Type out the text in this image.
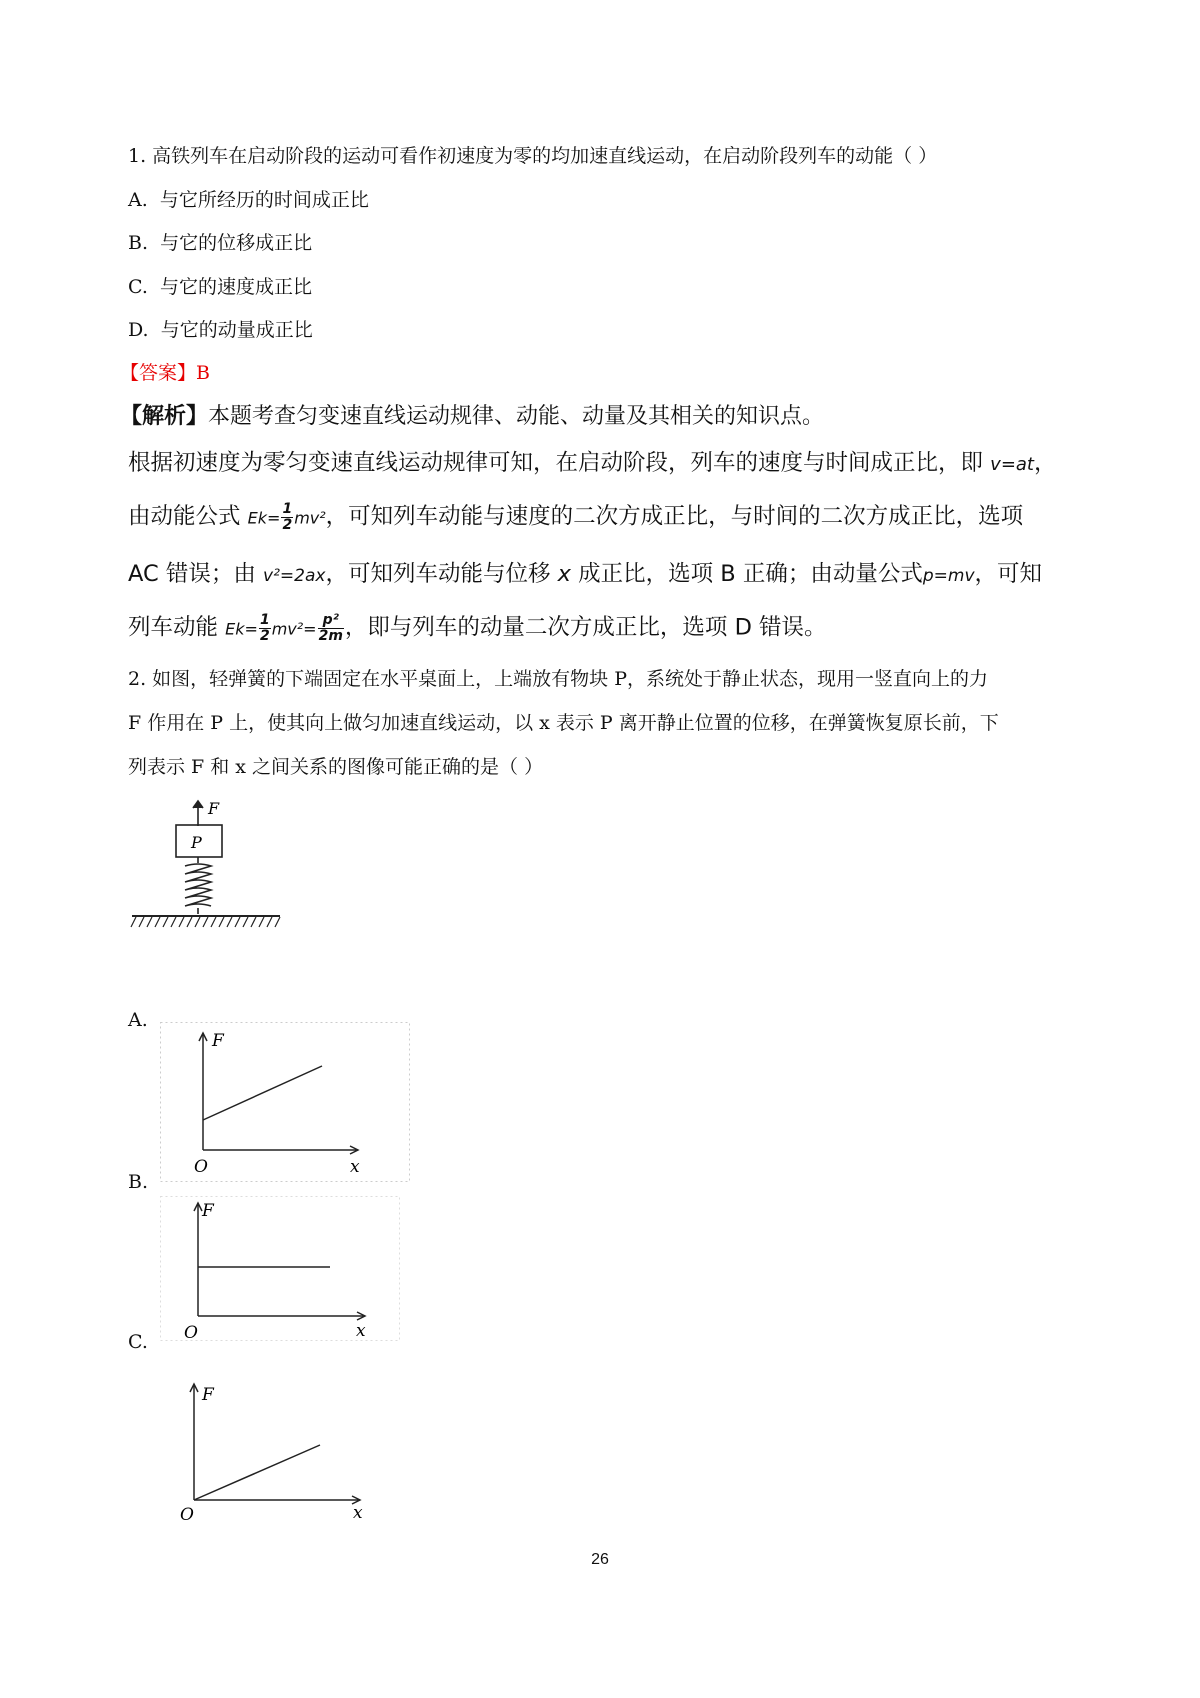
1. 高铁列车在启动阶段的运动可看作初速度为零的均加速直线运动，在启动阶段列车的动能（ ）
A. 与它所经历的时间成正比
B. 与它的位移成正比
C. 与它的速度成正比
D. 与它的动量成正比
【答案】B
【解析】本题考查匀变速直线运动规律、动能、动量及其相关的知识点。
根据初速度为零匀变速直线运动规律可知，在启动阶段，列车的速度与时间成正比，即 v=at，
由动能公式 $Ek= \frac{1}{2} mv^2$，可知列车动能与速度的二次方成正比，与时间的二次方成正比，选项
AC 错误；由 v²=2ax，可知列车动能与位移 x 成正比，选项 B 正确；由动量公式p=mv，可知
列车动能 $Ek= \frac{1}{2} mv^2= \frac{\text{p²}}{2m}$ ，即与列车的动量二次方成正比，选项 D 错误。
2. 如图，轻弹簧的下端固定在水平桌面上，上端放有物块 P，系统处于静止状态，现用一竖直向上的力
F 作用在 P 上，使其向上做匀加速直线运动，以 x 表示 P 离开静止位置的位移，在弹簧恢复原长前，下
列表示 F 和 x 之间关系的图像可能正确的是（ ）
F
P
A.
F
x
O
B.
F
x
O
C.
F
x
O
26
